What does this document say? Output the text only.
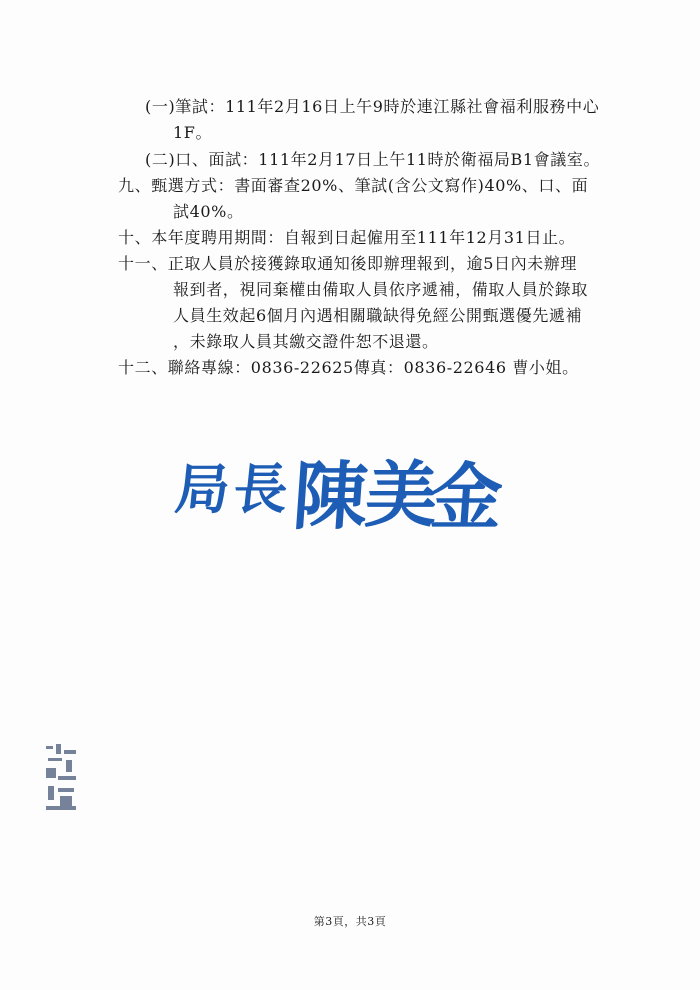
(一)筆試：111年2月16日上午9時於連江縣社會福利服務中心
1F。
(二)口、面試：111年2月17日上午11時於衛福局B1會議室。
九、甄選方式：書面審查20%、筆試(含公文寫作)40%、口、面
試40%。
十、本年度聘用期間：自報到日起僱用至111年12月31日止。
十一、正取人員於接獲錄取通知後即辦理報到，逾5日內未辦理
報到者，視同棄權由備取人員依序遞補，備取人員於錄取
人員生效起6個月內遇相關職缺得免經公開甄選優先遞補
，未錄取人員其繳交證件恕不退還。
十二、聯絡專線：0836-22625傳真：0836-22646 曹小姐。
局
長 陳
美
金
第3頁，共3頁
